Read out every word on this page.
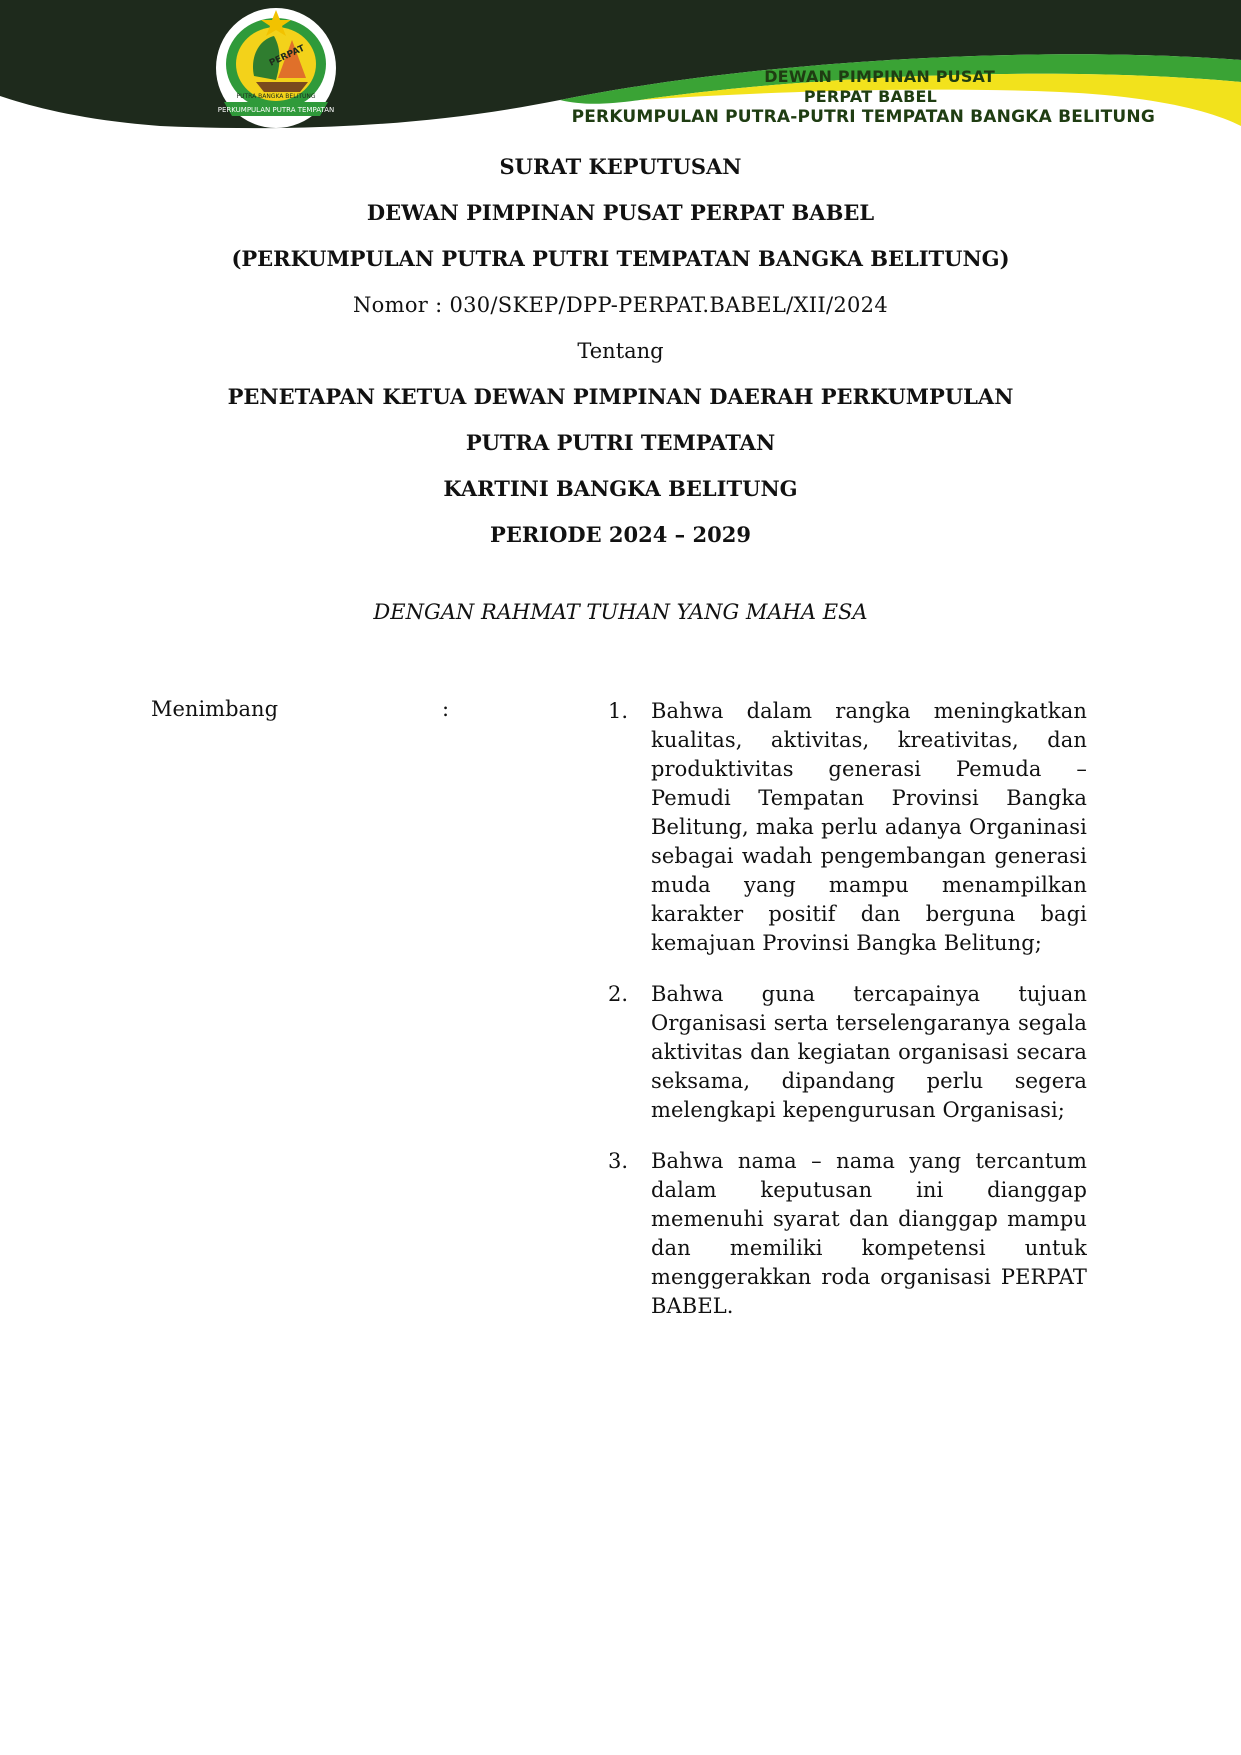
PERKUMPULAN PUTRA TEMPATAN
PERPAT
PUTRA BANGKA BELITUNG
DEWAN PIMPINAN PUSAT
PERPAT BABEL
PERKUMPULAN PUTRA-PUTRI TEMPATAN BANGKA BELITUNG
SURAT KEPUTUSAN
DEWAN PIMPINAN PUSAT PERPAT BABEL
(PERKUMPULAN PUTRA PUTRI TEMPATAN BANGKA BELITUNG)
Nomor : 030/SKEP/DPP-PERPAT.BABEL/XII/2024
Tentang
PENETAPAN KETUA DEWAN PIMPINAN DAERAH PERKUMPULAN
PUTRA PUTRI TEMPATAN
KARTINI BANGKA BELITUNG
PERIODE 2024 – 2029
DENGAN RAHMAT TUHAN YANG MAHA ESA
Menimbang	:	1.	Bahwa dalam rangka meningkatkan kualitas, aktivitas, kreativitas, dan produktivitas generasi Pemuda – Pemudi Tempatan Provinsi Bangka Belitung, maka perlu adanya Organinasi sebagai wadah pengembangan generasi muda yang mampu menampilkan karakter positif dan berguna bagi kemajuan Provinsi Bangka Belitung;
2.	Bahwa guna tercapainya tujuan Organisasi serta terselengaranya segala aktivitas dan kegiatan organisasi secara seksama, dipandang perlu segera melengkapi kepengurusan Organisasi;
3.	Bahwa nama – nama yang tercantum dalam keputusan ini dianggap memenuhi syarat dan dianggap mampu dan memiliki kompetensi untuk menggerakkan roda organisasi PERPAT BABEL.
